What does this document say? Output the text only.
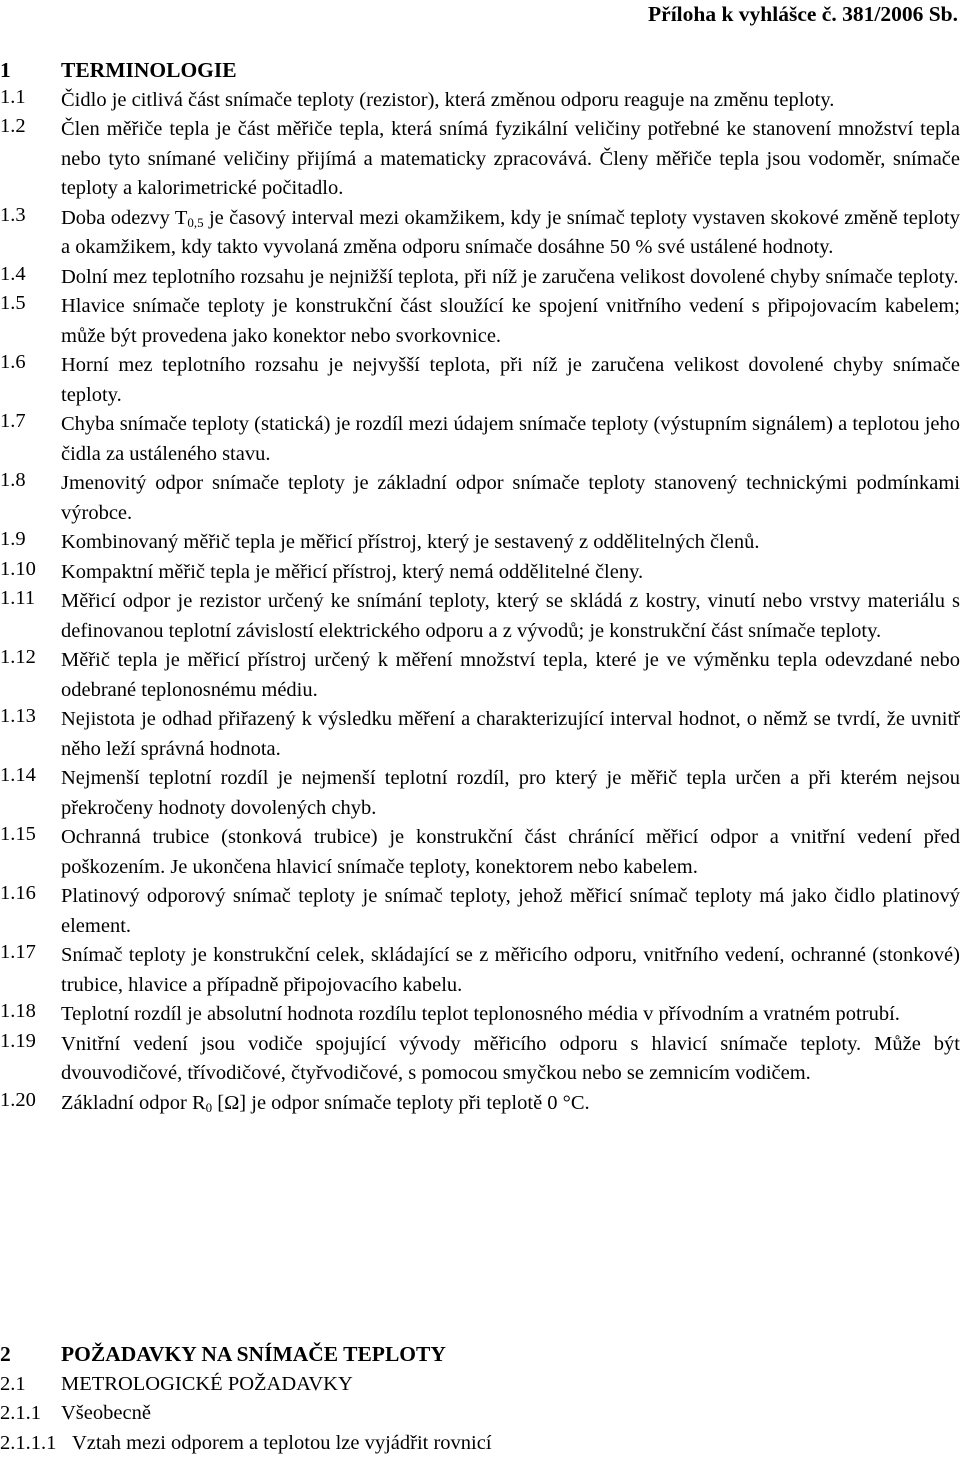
Příloha k vyhlášce č. 381/2006 Sb.
1 TERMINOLOGIE
1.1 Čidlo je citlivá část snímače teploty (rezistor), která změnou odporu reaguje na změnu teploty.
1.2 Člen měřiče tepla je část měřiče tepla, která snímá fyzikální veličiny potřebné ke stanovení množství tepla nebo tyto snímané veličiny přijímá a matematicky zpracovává. Členy měřiče tepla jsou vodoměr, snímače teploty a kalorimetrické počitadlo.
1.3 Doba odezvy $T_{0,5}$ je časový interval mezi okamžikem, kdy je snímač teploty vystaven skokové změně teploty a okamžikem, kdy takto vyvolaná změna odporu snímače dosáhne 50 % své ustálené hodnoty.
1.4 Dolní mez teplotního rozsahu je nejnižší teplota, při níž je zaručena velikost dovolené chyby snímače teploty.
1.5 Hlavice snímače teploty je konstrukční část sloužící ke spojení vnitřního vedení s připojovacím kabelem; může být provedena jako konektor nebo svorkovnice.
1.6 Horní mez teplotního rozsahu je nejvyšší teplota, při níž je zaručena velikost dovolené chyby snímače teploty.
1.7 Chyba snímače teploty (statická) je rozdíl mezi údajem snímače teploty (výstupním signálem) a teplotou jeho čidla za ustáleného stavu.
1.8 Jmenovitý odpor snímače teploty je základní odpor snímače teploty stanovený technickými podmínkami výrobce.
1.9 Kombinovaný měřič tepla je měřicí přístroj, který je sestavený z oddělitelných členů.
1.10 Kompaktní měřič tepla je měřicí přístroj, který nemá oddělitelné členy.
1.11 Měřicí odpor je rezistor určený ke snímání teploty, který se skládá z kostry, vinutí nebo vrstvy materiálu s definovanou teplotní závislostí elektrického odporu a z vývodů; je konstrukční část snímače teploty.
1.12 Měřič tepla je měřicí přístroj určený k měření množství tepla, které je ve výměnku tepla odevzdané nebo odebrané teplonosnému médiu.
1.13 Nejistota je odhad přiřazený k výsledku měření a charakterizující interval hodnot, o němž se tvrdí, že uvnitř něho leží správná hodnota.
1.14 Nejmenší teplotní rozdíl je nejmenší teplotní rozdíl, pro který je měřič tepla určen a při kterém nejsou překročeny hodnoty dovolených chyb.
1.15 Ochranná trubice (stonková trubice) je konstrukční část chránící měřicí odpor a vnitřní vedení před poškozením. Je ukončena hlavicí snímače teploty, konektorem nebo kabelem.
1.16 Platinový odporový snímač teploty je snímač teploty, jehož měřicí snímač teploty má jako čidlo platinový element.
1.17 Snímač teploty je konstrukční celek, skládající se z měřicího odporu, vnitřního vedení, ochranné (stonkové) trubice, hlavice a případně připojovacího kabelu.
1.18 Teplotní rozdíl je absolutní hodnota rozdílu teplot teplonosného média v přívodním a vratném potrubí.
1.19 Vnitřní vedení jsou vodiče spojující vývody měřicího odporu s hlavicí snímače teploty. Může být dvouvodičové, třívodičové, čtyřvodičové, s pomocou smyčkou nebo se zemnicím vodičem.
1.20 Základní odpor $R_0$ [Ω] je odpor snímače teploty při teplotě 0 °C.
2 POŽADAVKY NA SNÍMAČE TEPLOTY
2.1 METROLOGICKÉ POŽADAVKY
2.1.1 Všeobecně
2.1.1.1 Vztah mezi odporem a teplotou lze vyjádřit rovnicí
